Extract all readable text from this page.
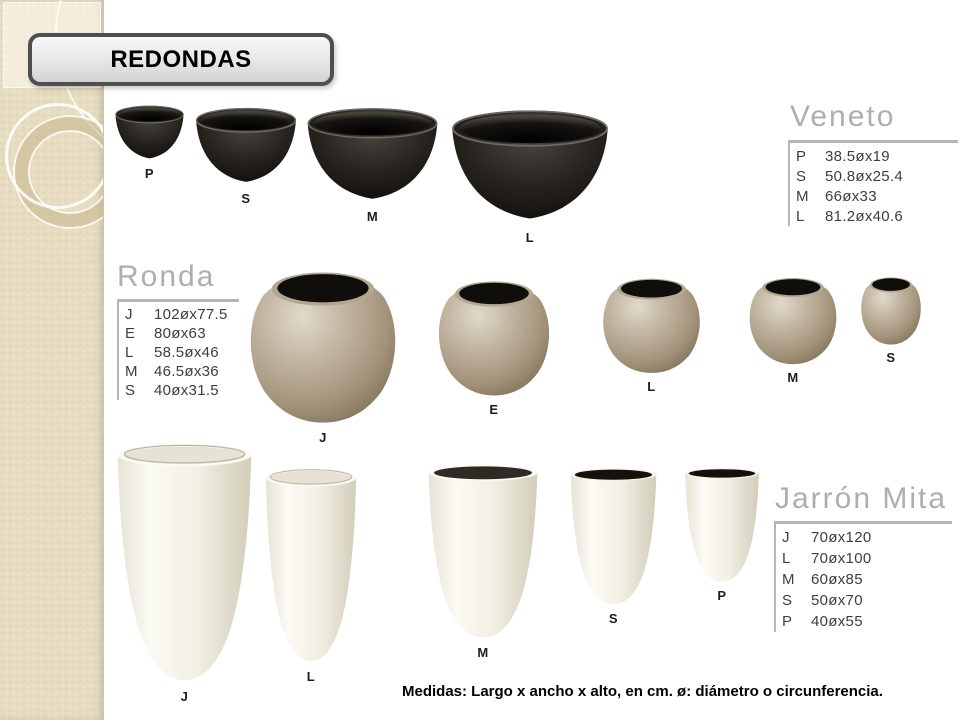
REDONDAS
Veneto
P	38.5øx19
S	50.8øx25.4
M	66øx33
L	81.2øx40.6
P
S
M
L
Ronda
J	102øx77.5
E	80øx63
L	58.5øx46
M	46.5øx36
S	40øx31.5
J
E
L
M
S
Jarrón Mita
J	70øx120
L	70øx100
M	60øx85
S	50øx70
P	40øx55
J
L
M
S
P
Medidas: Largo x ancho x alto, en cm. ø: diámetro o circunferencia.
